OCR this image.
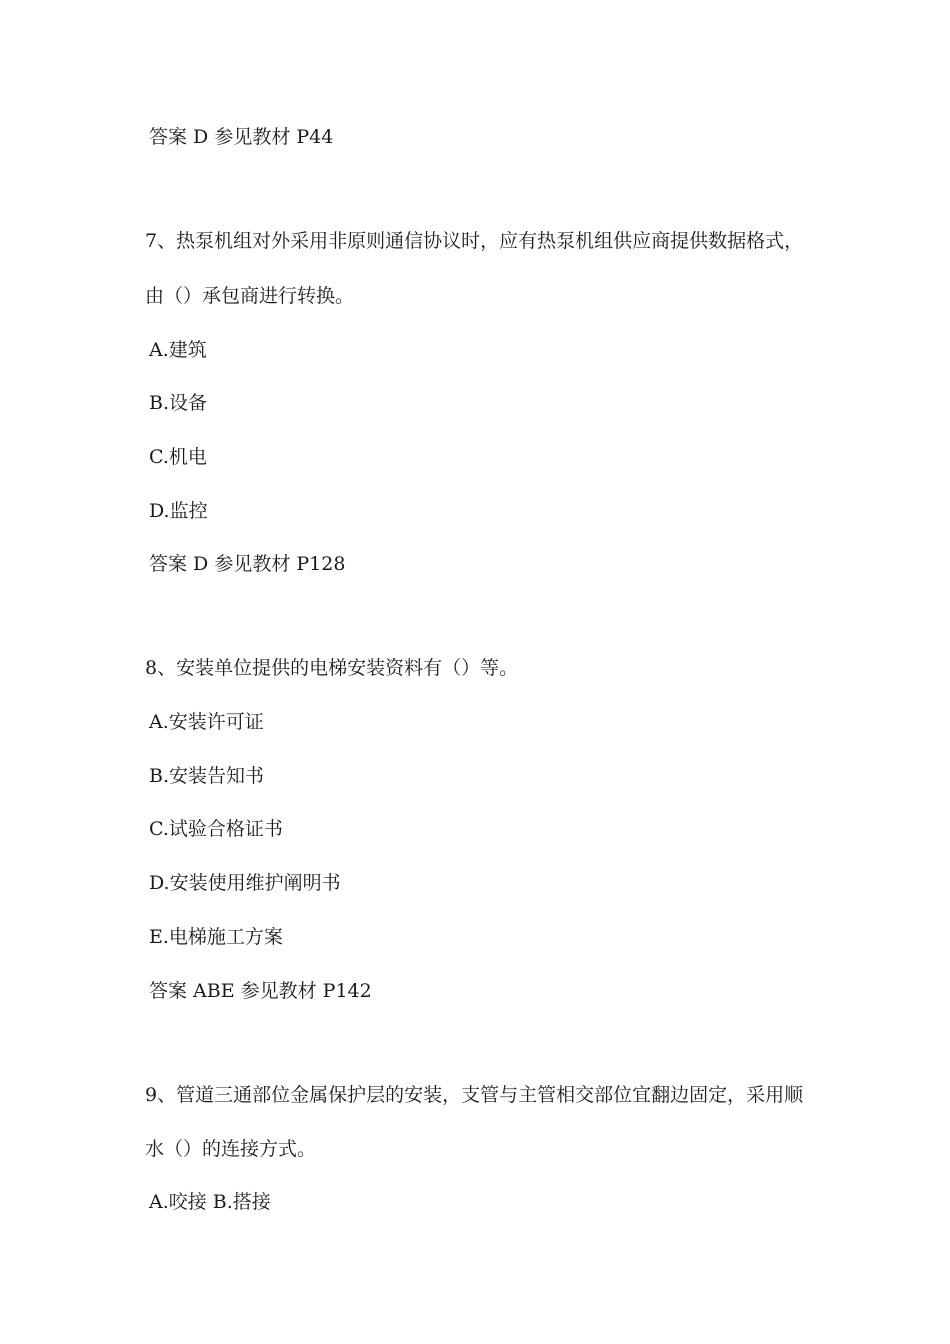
答案 D 参见教材 P44
7、热泵机组对外采用非原则通信协议时，应有热泵机组供应商提供数据格式，
由（）承包商进行转换。
A.建筑
B.设备
C.机电
D.监控
答案 D 参见教材 P128
8、安装单位提供的电梯安装资料有（）等。
A.安装许可证
B.安装告知书
C.试验合格证书
D.安装使用维护阐明书
E.电梯施工方案
答案 ABE 参见教材 P142
9、管道三通部位金属保护层的安装，支管与主管相交部位宜翻边固定，采用顺
水（）的连接方式。
A.咬接 B.搭接
